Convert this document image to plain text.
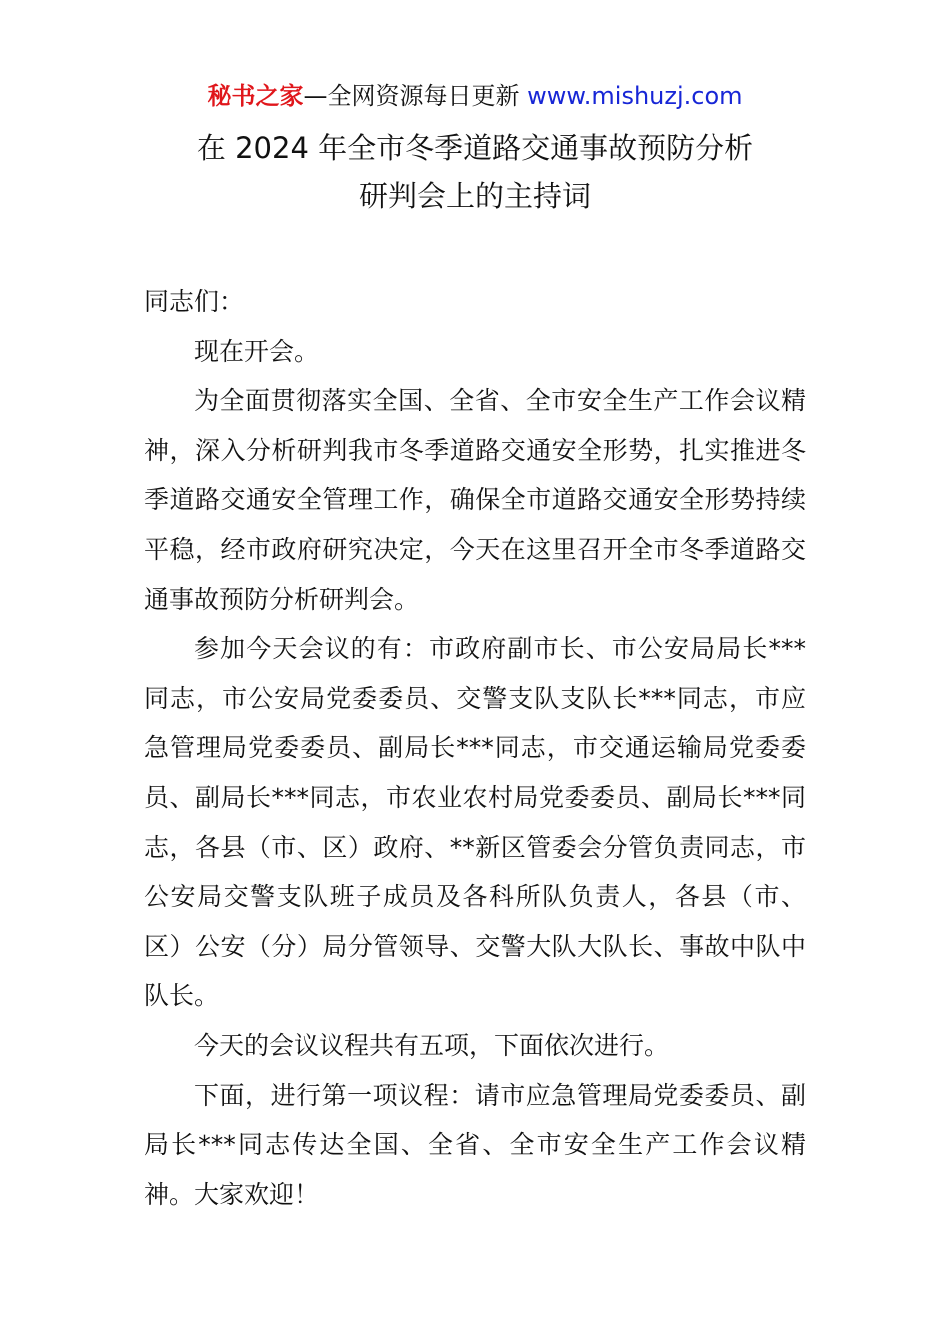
秘书之家—全网资源每日更新 www.mishuzj.com
在 2024 年全市冬季道路交通事故预防分析
研判会上的主持词

同志们：

现在开会。

为全面贯彻落实全国、全省、全市安全生产工作会议精神，深入分析研判我市冬季道路交通安全形势，扎实推进冬季道路交通安全管理工作，确保全市道路交通安全形势持续平稳，经市政府研究决定，今天在这里召开全市冬季道路交通事故预防分析研判会。

参加今天会议的有：市政府副市长、市公安局局长***同志，市公安局党委委员、交警支队支队长***同志，市应急管理局党委委员、副局长***同志，市交通运输局党委委员、副局长***同志，市农业农村局党委委员、副局长***同志，各县（市、区）政府、**新区管委会分管负责同志，市公安局交警支队班子成员及各科所队负责人，各县（市、区）公安（分）局分管领导、交警大队大队长、事故中队中队长。

今天的会议议程共有五项，下面依次进行。

下面，进行第一项议程：请市应急管理局党委委员、副局长***同志传达全国、全省、全市安全生产工作会议精神。大家欢迎！
